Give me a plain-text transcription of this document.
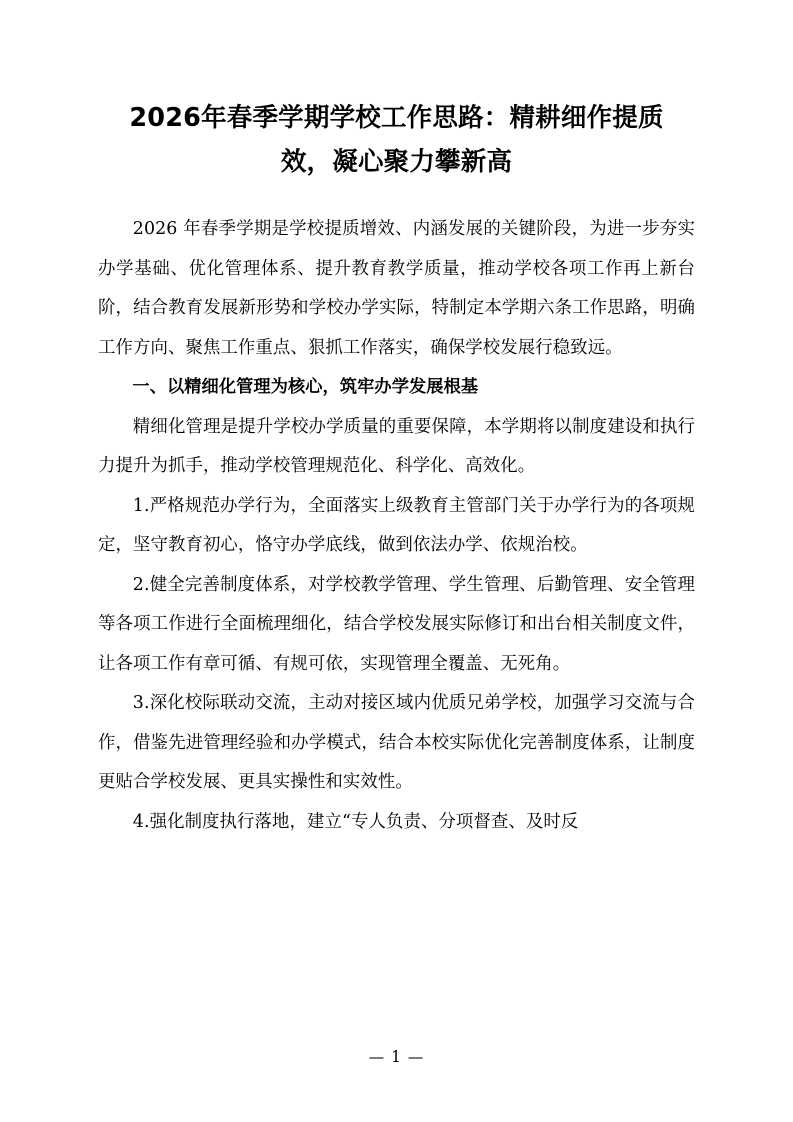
2026年春季学期学校工作思路：精耕细作提质效，凝心聚力攀新高

2026 年春季学期是学校提质增效、内涵发展的关键阶段，为进一步夯实办学基础、优化管理体系、提升教育教学质量，推动学校各项工作再上新台阶，结合教育发展新形势和学校办学实际，特制定本学期六条工作思路，明确工作方向、聚焦工作重点、狠抓工作落实，确保学校发展行稳致远。

一、以精细化管理为核心，筑牢办学发展根基

精细化管理是提升学校办学质量的重要保障，本学期将以制度建设和执行力提升为抓手，推动学校管理规范化、科学化、高效化。

1.严格规范办学行为，全面落实上级教育主管部门关于办学行为的各项规定，坚守教育初心，恪守办学底线，做到依法办学、依规治校。

2.健全完善制度体系，对学校教学管理、学生管理、后勤管理、安全管理等各项工作进行全面梳理细化，结合学校发展实际修订和出台相关制度文件，让各项工作有章可循、有规可依，实现管理全覆盖、无死角。

3.深化校际联动交流，主动对接区域内优质兄弟学校，加强学习交流与合作，借鉴先进管理经验和办学模式，结合本校实际优化完善制度体系，让制度更贴合学校发展、更具实操性和实效性。

4.强化制度执行落地，建立“专人负责、分项督查、及时反

— 1 —
